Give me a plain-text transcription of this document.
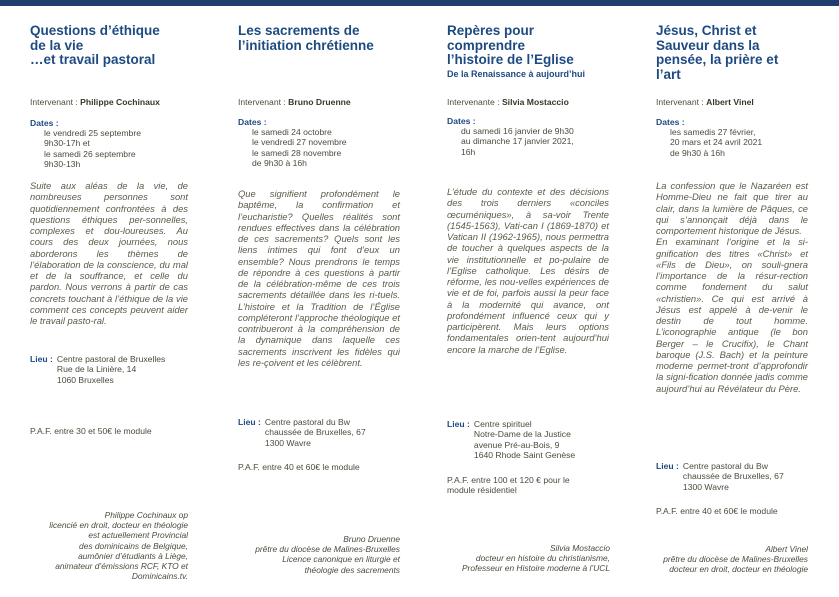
Questions d’éthique
de la vie
…et travail pastoral
Intervenant : Philippe Cochinaux
Dates :
le vendredi 25 septembre
9h30-17h et
le samedi 26 septembre
9h30-13h
Suite aux aléas de la vie, de nombreuses personnes sont quotidiennement confrontées à des questions éthiques per-sonnelles, complexes et dou-loureuses. Au cours des deux journées, nous aborderons les thèmes de l’élaboration de la conscience, du mal et de la souffrance, et celle du pardon. Nous verrons à partir de cas concrets touchant à l’éthique de la vie comment ces concepts peuvent aider le travail pasto-ral.
Lieu : Centre pastoral de Bruxelles
Rue de la Linière, 14
1060 Bruxelles
P.A.F. entre 30 et 50€ le module
Philippe Cochinaux op
licencié en droit, docteur en théologie
est actuellement Provincial
des dominicains de Belgique,
aumônier d’étudiants à Liège,
animateur d’émissions RCF, KTO et
Dominicains.tv.
Les sacrements de
l’initiation chrétienne
Intervenant : Bruno Druenne
Dates :
le samedi 24 octobre
le vendredi 27 novembre
le samedi 28 novembre
de 9h30 à 16h
Que signifient profondément le baptême, la confirmation et l’eucharistie? Quelles réalités sont rendues effectives dans la célébration de ces sacrements? Quels sont les liens intimes qui font d’eux un ensemble? Nous prendrons le temps de répondre à ces questions à partir de la célébration-même de ces trois sacrements détaillée dans les ri-tuels. L’histoire et la Tradition de l’Église compléteront l’approche théologique et contribueront à la compréhension de la dynamique dans laquelle ces sacrements inscrivent les fidèles qui les re-çoivent et les célèbrent.
Lieu : Centre pastoral du Bw
chaussée de Bruxelles, 67
1300 Wavre
P.A.F. entre 40 et 60€ le module
Bruno Druenne
prêtre du diocèse de Malines-Bruxelles
Licence canonique en liturgie et
théologie des sacrements
Repères pour
comprendre
l’histoire de l’Eglise
De la Renaissance à aujourd’hui
Intervenante : Silvia Mostaccio
Dates :
du samedi 16 janvier de 9h30
au dimanche 17 janvier 2021,
16h
L’étude du contexte et des décisions des trois derniers «conciles œcuméniques», à sa-voir Trente (1545-1563), Vati-can I (1869-1870) et Vatican II (1962-1965), nous permettra de toucher à quelques aspects de la vie institutionnelle et po-pulaire de l’Eglise catholique. Les désirs de réforme, les nou-velles expériences de vie et de foi, parfois aussi la peur face à la modernité qui avance, ont profondément influencé ceux qui y participèrent. Mais leurs options fondamentales orien-tent aujourd’hui encore la marche de l’Eglise.
Lieu : Centre spirituel
Notre-Dame de la Justice
avenue Pré-au-Bois, 9
1640 Rhode Saint Genèse
P.A.F. entre 100 et 120 € pour le
module résidentiel
Silvia Mostaccio
docteur en histoire du christianisme,
Professeur en Histoire moderne à l’UCL
Jésus, Christ et
Sauveur dans la
pensée, la prière et
l’art
Intervenant : Albert Vinel
Dates :
les samedis 27 février,
20 mars et 24 avril 2021
de 9h30 à 16h
La confession que le Nazaréen est Homme-Dieu ne fait que tirer au clair, dans la lumière de Pâques, ce qui s’annonçait déjà dans le comportement historique de Jésus.
En examinant l’origine et la si-gnification des titres «Christ» et «Fils de Dieu», on souli-gnera l’importance de la résur-rection comme fondement du salut «christien». Ce qui est arrivé à Jésus est appelé à de-venir le destin de tout homme. L’iconographie antique (le bon Berger – le Crucifix), le Chant baroque (J.S. Bach) et la peinture moderne permet-tront d’approfondir la signi-fication donnée jadis comme aujourd’hui au Révélateur du Père.
Lieu : Centre pastoral du Bw
chaussée de Bruxelles, 67
1300 Wavre
P.A.F. entre 40 et 60€ le module
Albert Vinel
prêtre du diocèse de Malines-Bruxelles
docteur en droit, docteur en théologie
